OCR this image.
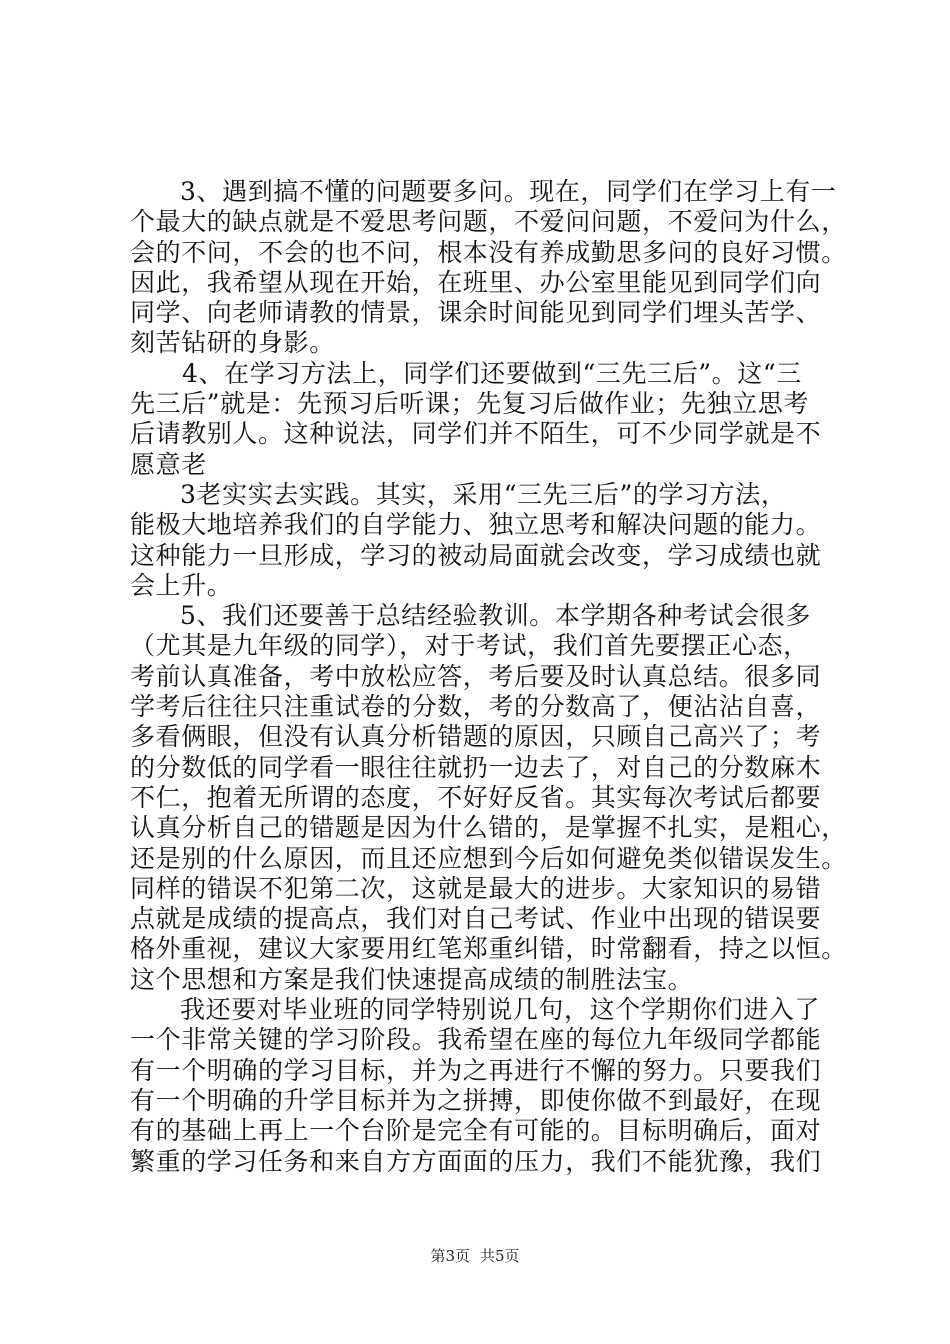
3、遇到搞不懂的问题要多问。现在，同学们在学习上有一
个最大的缺点就是不爱思考问题，不爱问问题，不爱问为什么，
会的不问，不会的也不问，根本没有养成勤思多问的良好习惯。
因此，我希望从现在开始，在班里、办公室里能见到同学们向
同学、向老师请教的情景，课余时间能见到同学们埋头苦学、
刻苦钻研的身影。
4、在学习方法上，同学们还要做到“三先三后”。这“三
先三后”就是：先预习后听课；先复习后做作业；先独立思考
后请教别人。这种说法，同学们并不陌生，可不少同学就是不
愿意老
3老实实去实践。其实，采用“三先三后”的学习方法，
能极大地培养我们的自学能力、独立思考和解决问题的能力。
这种能力一旦形成，学习的被动局面就会改变，学习成绩也就
会上升。
5、我们还要善于总结经验教训。本学期各种考试会很多
（尤其是九年级的同学），对于考试，我们首先要摆正心态，
考前认真准备，考中放松应答，考后要及时认真总结。很多同
学考后往往只注重试卷的分数，考的分数高了，便沾沾自喜，
多看俩眼，但没有认真分析错题的原因，只顾自己高兴了；考
的分数低的同学看一眼往往就扔一边去了，对自己的分数麻木
不仁，抱着无所谓的态度，不好好反省。其实每次考试后都要
认真分析自己的错题是因为什么错的，是掌握不扎实，是粗心，
还是别的什么原因，而且还应想到今后如何避免类似错误发生。
同样的错误不犯第二次，这就是最大的进步。大家知识的易错
点就是成绩的提高点，我们对自己考试、作业中出现的错误要
格外重视，建议大家要用红笔郑重纠错，时常翻看，持之以恒。
这个思想和方案是我们快速提高成绩的制胜法宝。
我还要对毕业班的同学特别说几句，这个学期你们进入了
一个非常关键的学习阶段。我希望在座的每位九年级同学都能
有一个明确的学习目标，并为之再进行不懈的努力。只要我们
有一个明确的升学目标并为之拼搏，即使你做不到最好，在现
有的基础上再上一个台阶是完全有可能的。目标明确后，面对
繁重的学习任务和来自方方面面的压力，我们不能犹豫，我们
第3页 共5页
